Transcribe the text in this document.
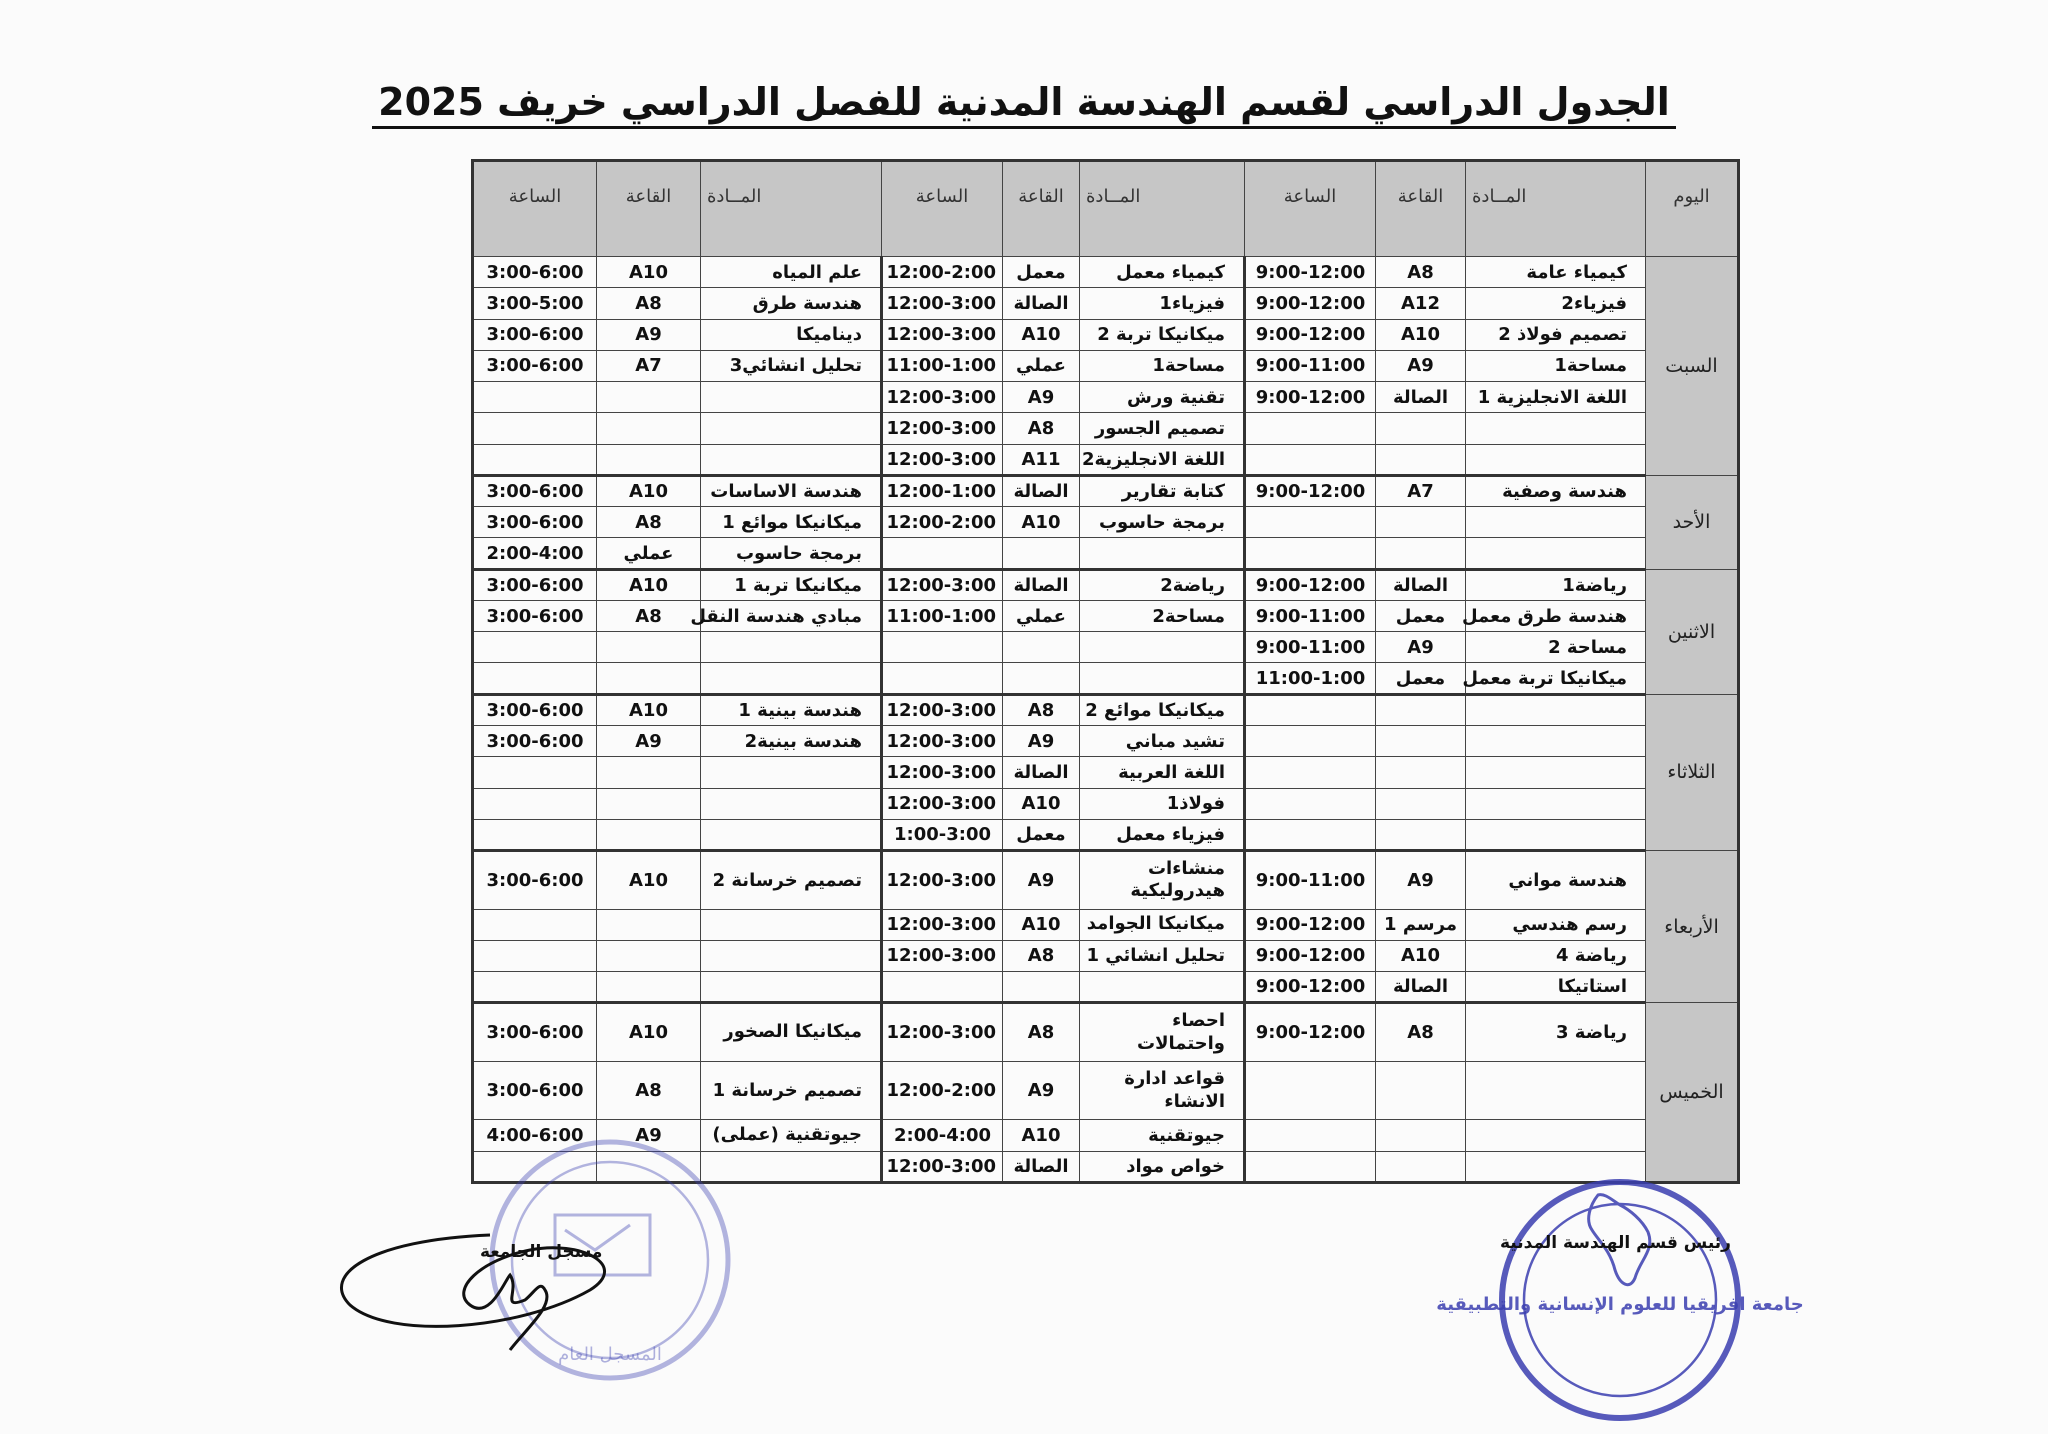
الجدول الدراسي لقسم الهندسة المدنية للفصل الدراسي خريف 2025
اليوم	المــادة	القاعة	الساعة	المــادة	القاعة	الساعة	المــادة	القاعة	الساعة
السبت	كيمياء عامة	A8	9:00-12:00	كيمياء معمل	معمل	12:00-2:00	علم المياه	A10	3:00-6:00
	فيزياء2	A12	9:00-12:00	فيزياء1	الصالة	12:00-3:00	هندسة طرق	A8	3:00-5:00
	تصميم فولاذ 2	A10	9:00-12:00	ميكانيكا تربة 2	A10	12:00-3:00	ديناميكا	A9	3:00-6:00
	مساحة1	A9	9:00-11:00	مساحة1	عملي	11:00-1:00	تحليل انشائي3	A7	3:00-6:00
	اللغة الانجليزية 1	الصالة	9:00-12:00	تقنية ورش	A9	12:00-3:00			
				تصميم الجسور	A8	12:00-3:00			
				اللغة الانجليزية2	A11	12:00-3:00			
الأحد	هندسة وصفية	A7	9:00-12:00	كتابة تقارير	الصالة	12:00-1:00	هندسة الاساسات	A10	3:00-6:00
				برمجة حاسوب	A10	12:00-2:00	ميكانيكا موائع 1	A8	3:00-6:00
							برمجة حاسوب	عملي	2:00-4:00
الاثنين	رياضة1	الصالة	9:00-12:00	رياضة2	الصالة	12:00-3:00	ميكانيكا تربة 1	A10	3:00-6:00
	هندسة طرق معمل	معمل	9:00-11:00	مساحة2	عملي	11:00-1:00	مبادي هندسة النقل	A8	3:00-6:00
	مساحة 2	A9	9:00-11:00						
	ميكانيكا تربة معمل	معمل	11:00-1:00						
الثلاثاء				ميكانيكا موائع 2	A8	12:00-3:00	هندسة بينية 1	A10	3:00-6:00
				تشيد مباني	A9	12:00-3:00	هندسة بينية2	A9	3:00-6:00
				اللغة العربية	الصالة	12:00-3:00			
				فولاذ1	A10	12:00-3:00			
				فيزياء معمل	معمل	1:00-3:00			
الأربعاء	هندسة مواني	A9	9:00-11:00	منشاءات هيدروليكية	A9	12:00-3:00	تصميم خرسانة 2	A10	3:00-6:00
	رسم هندسي	مرسم 1	9:00-12:00	ميكانيكا الجوامد	A10	12:00-3:00			
	رياضة 4	A10	9:00-12:00	تحليل انشائي 1	A8	12:00-3:00			
	استاتيكا	الصالة	9:00-12:00						
الخميس	رياضة 3	A8	9:00-12:00	احصاء واحتمالات	A8	12:00-3:00	ميكانيكا الصخور	A10	3:00-6:00
				قواعد ادارة الانشاء	A9	12:00-2:00	تصميم خرسانة 1	A8	3:00-6:00
				جيوتقنية	A10	2:00-4:00	جيوتقنية (عملى)	A9	4:00-6:00
				خواص مواد	الصالة	12:00-3:00			
المسجل العام
مسجل الجامعة
جامعة افريقيا للعلوم الإنسانية والتطبيقية
رئيس قسم الهندسة المدنية
